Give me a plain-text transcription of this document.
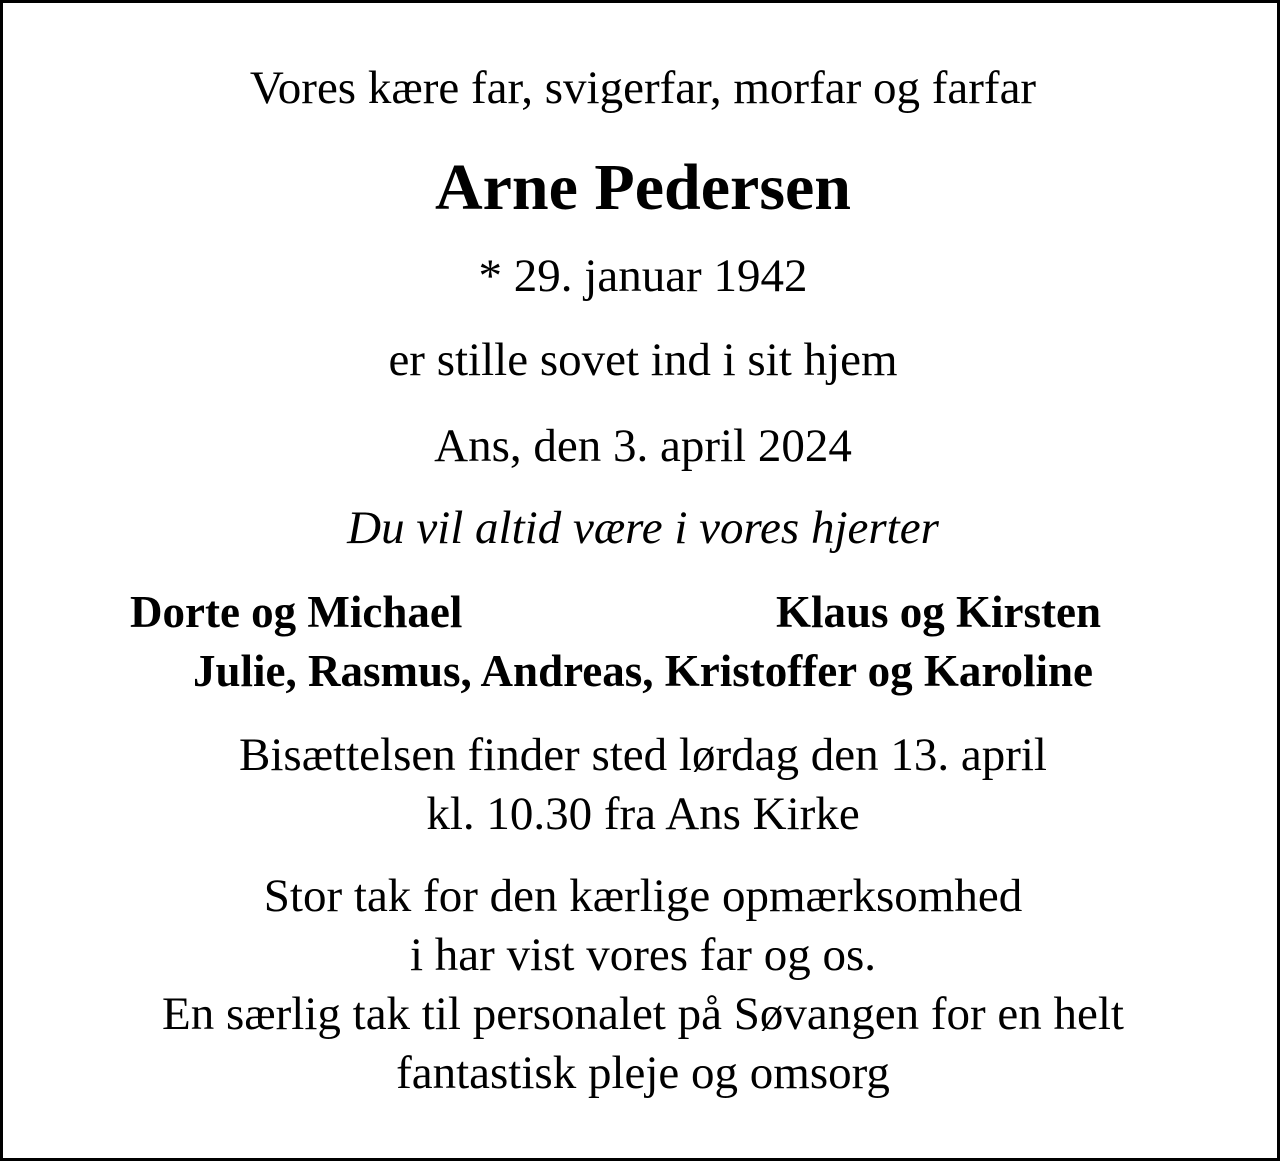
Vores kære far, svigerfar, morfar og farfar
Arne Pedersen
* 29. januar 1942
er stille sovet ind i sit hjem
Ans, den 3. april 2024
Du vil altid være i vores hjerter
Dorte og Michael	Klaus og Kirsten
Julie, Rasmus, Andreas, Kristoffer og Karoline
Bisættelsen finder sted lørdag den 13. april
kl. 10.30 fra Ans Kirke
Stor tak for den kærlige opmærksomhed
i har vist vores far og os.
En særlig tak til personalet på Søvangen for en helt
fantastisk pleje og omsorg
